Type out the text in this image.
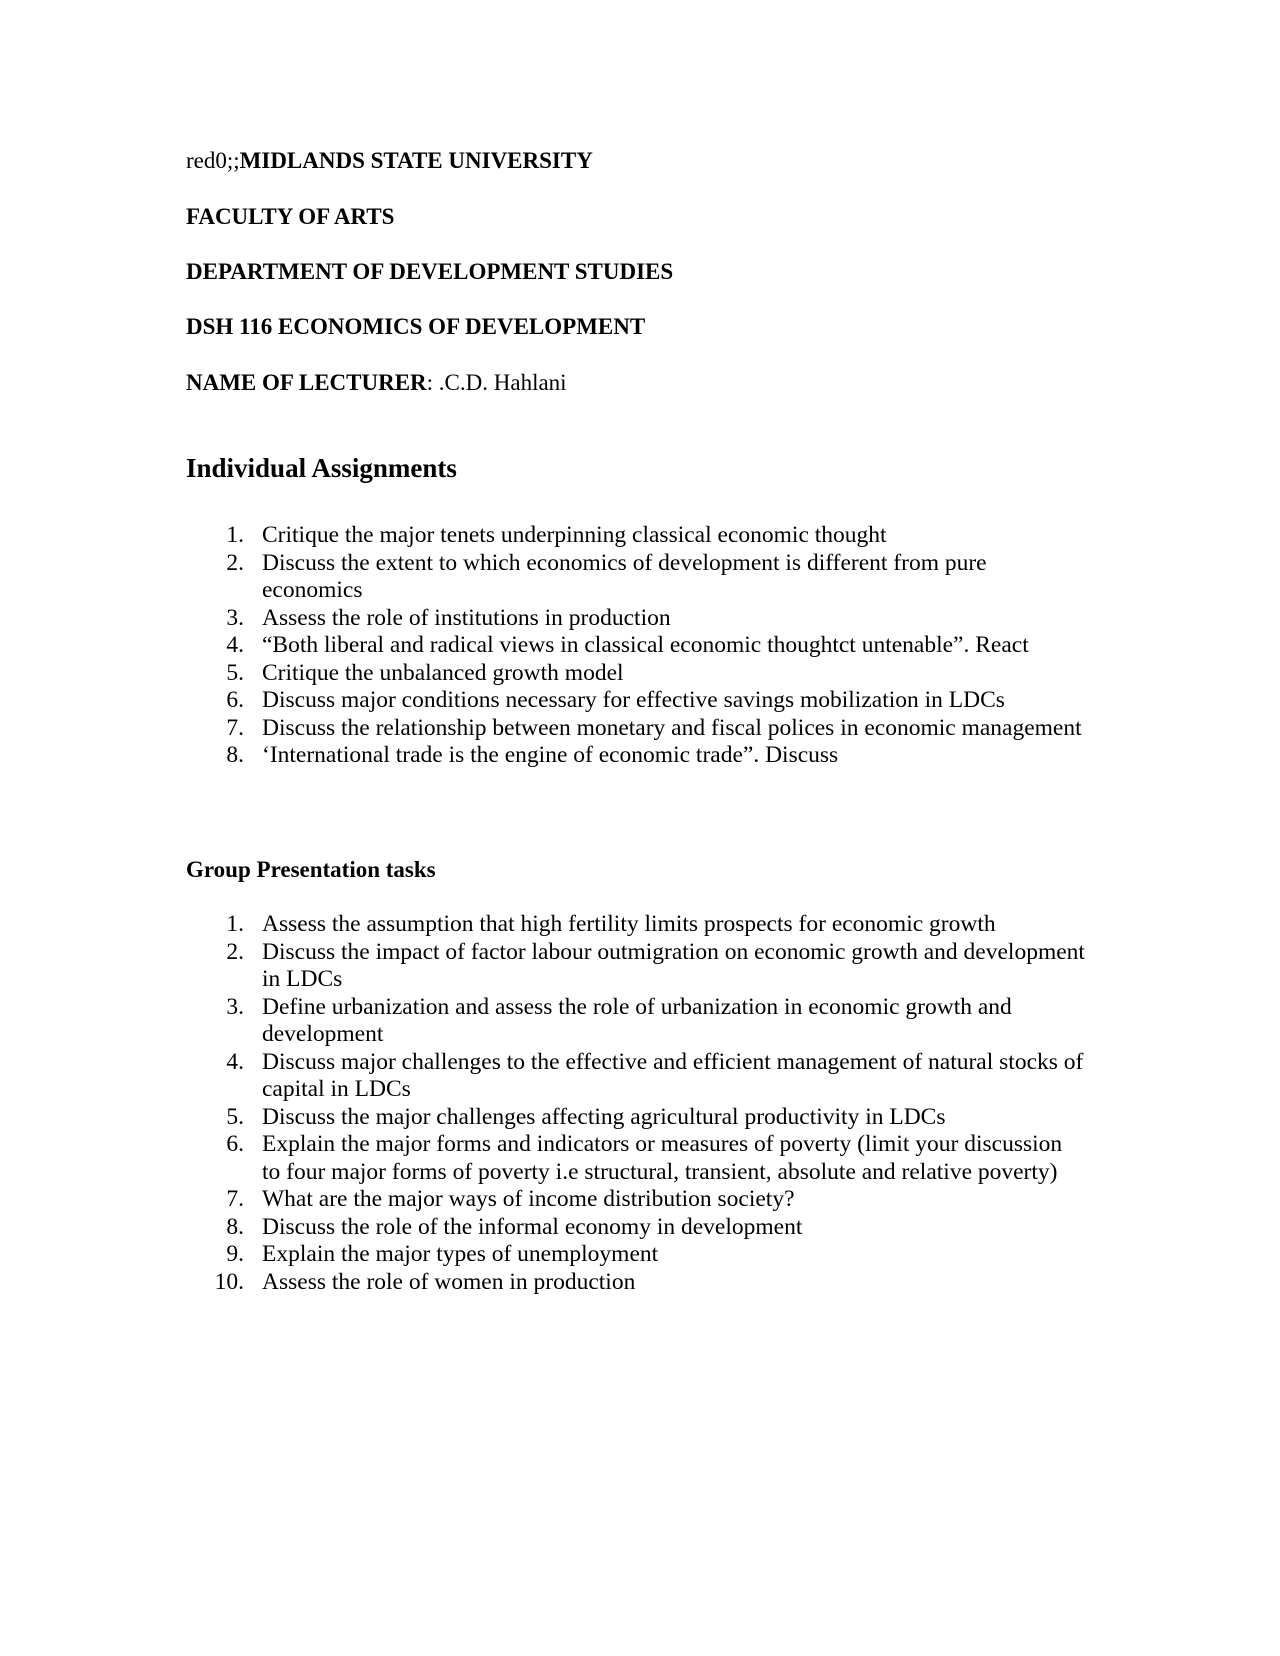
red0;;MIDLANDS STATE UNIVERSITY
FACULTY OF ARTS
DEPARTMENT OF DEVELOPMENT STUDIES
DSH 116 ECONOMICS OF DEVELOPMENT
NAME OF LECTURER: .C.D. Hahlani
Individual Assignments
1. Critique the major tenets underpinning classical economic thought
2. Discuss the extent to which economics of development is different from pure economics
3. Assess the role of institutions in production
4. “Both liberal and radical views in classical economic thoughtct untenable”. React
5. Critique the unbalanced growth model
6. Discuss major conditions necessary for effective savings mobilization in LDCs
7. Discuss the relationship between monetary and fiscal polices in economic management
8. ‘International trade is the engine of economic trade”. Discuss
Group Presentation tasks
1. Assess the assumption that high fertility limits prospects for economic growth
2. Discuss the impact of factor labour outmigration on economic growth and development in LDCs
3. Define urbanization and assess the role of urbanization in economic growth and development
4. Discuss major challenges to the effective and efficient management of natural stocks of capital in LDCs
5. Discuss the major challenges affecting agricultural productivity in LDCs
6. Explain the major forms and indicators or measures of poverty (limit your discussion to four major forms of poverty i.e structural, transient, absolute and relative poverty)
7. What are the major ways of income distribution society?
8. Discuss the role of the informal economy in development
9. Explain the major types of unemployment
10. Assess the role of women in production
